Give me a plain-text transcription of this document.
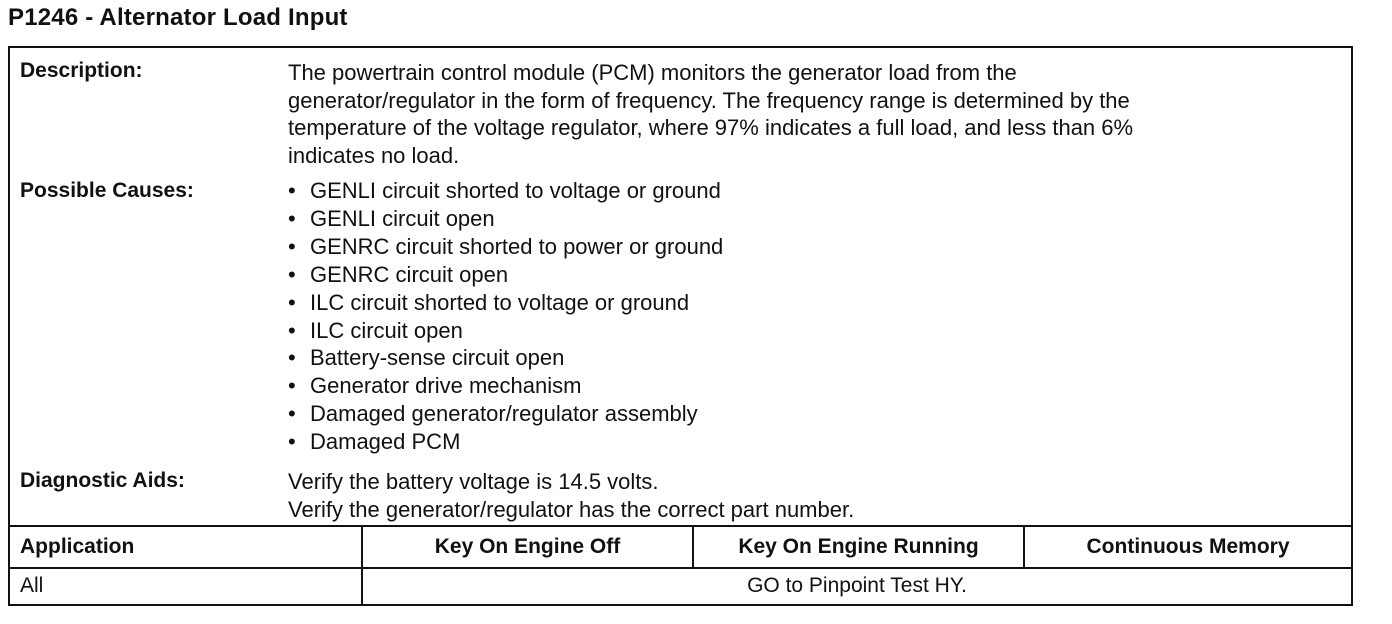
P1246 - Alternator Load Input
Description:	The powertrain control module (PCM) monitors the generator load from the
generator/regulator in the form of frequency. The frequency range is determined by the
temperature of the voltage regulator, where 97% indicates a full load, and less than 6%
indicates no load.
Possible Causes:
•	GENLI circuit shorted to voltage or ground
• GENLI circuit open
• GENRC circuit shorted to power or ground
• GENRC circuit open
• ILC circuit shorted to voltage or ground
• ILC circuit open
• Battery-sense circuit open
• Generator drive mechanism
• Damaged generator/regulator assembly
• Damaged PCM
Diagnostic Aids:	Verify the battery voltage is 14.5 volts.
Verify the generator/regulator has the correct part number.
Application	Key On Engine Off	Key On Engine Running	Continuous Memory
All	GO to Pinpoint Test HY.
